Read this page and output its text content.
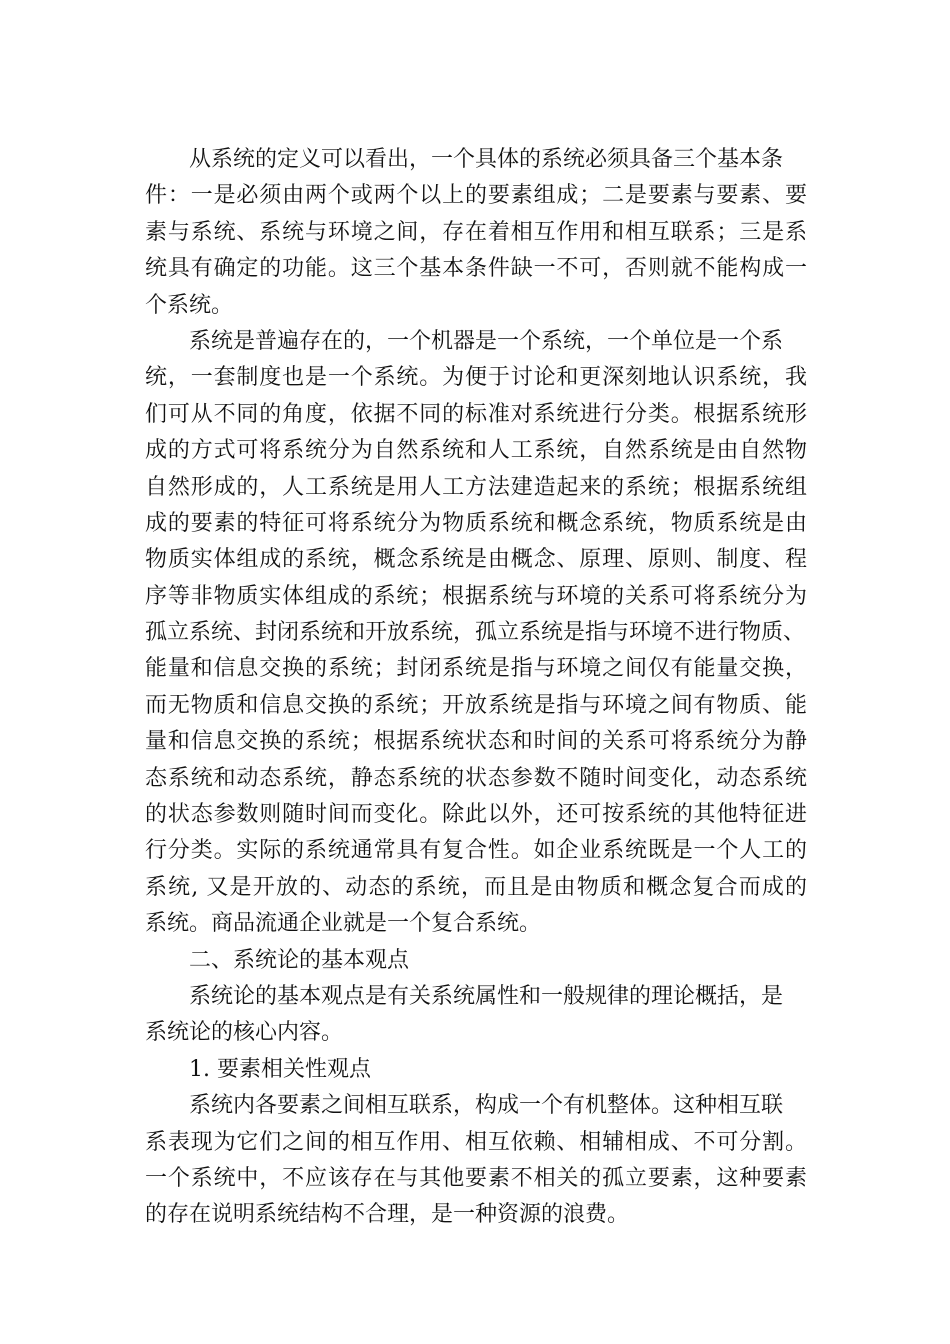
从系统的定义可以看出，一个具体的系统必须具备三个基本条
件：一是必须由两个或两个以上的要素组成；二是要素与要素、要
素与系统、系统与环境之间，存在着相互作用和相互联系；三是系
统具有确定的功能。这三个基本条件缺一不可，否则就不能构成一
个系统。
系统是普遍存在的，一个机器是一个系统，一个单位是一个系
统，一套制度也是一个系统。为便于讨论和更深刻地认识系统，我
们可从不同的角度，依据不同的标准对系统进行分类。根据系统形
成的方式可将系统分为自然系统和人工系统，自然系统是由自然物
自然形成的，人工系统是用人工方法建造起来的系统；根据系统组
成的要素的特征可将系统分为物质系统和概念系统，物质系统是由
物质实体组成的系统，概念系统是由概念、原理、原则、制度、程
序等非物质实体组成的系统；根据系统与环境的关系可将系统分为
孤立系统、封闭系统和开放系统，孤立系统是指与环境不进行物质、
能量和信息交换的系统；封闭系统是指与环境之间仅有能量交换，
而无物质和信息交换的系统；开放系统是指与环境之间有物质、能
量和信息交换的系统；根据系统状态和时间的关系可将系统分为静
态系统和动态系统，静态系统的状态参数不随时间变化，动态系统
的状态参数则随时间而变化。除此以外，还可按系统的其他特征进
行分类。实际的系统通常具有复合性。如企业系统既是一个人工的
系统, 又是开放的、动态的系统，而且是由物质和概念复合而成的
系统。商品流通企业就是一个复合系统。
二、系统论的基本观点
系统论的基本观点是有关系统属性和一般规律的理论概括，是
系统论的核心内容。
1. 要素相关性观点
系统内各要素之间相互联系，构成一个有机整体。这种相互联
系表现为它们之间的相互作用、相互依赖、相辅相成、不可分割。
一个系统中，不应该存在与其他要素不相关的孤立要素，这种要素
的存在说明系统结构不合理，是一种资源的浪费。
